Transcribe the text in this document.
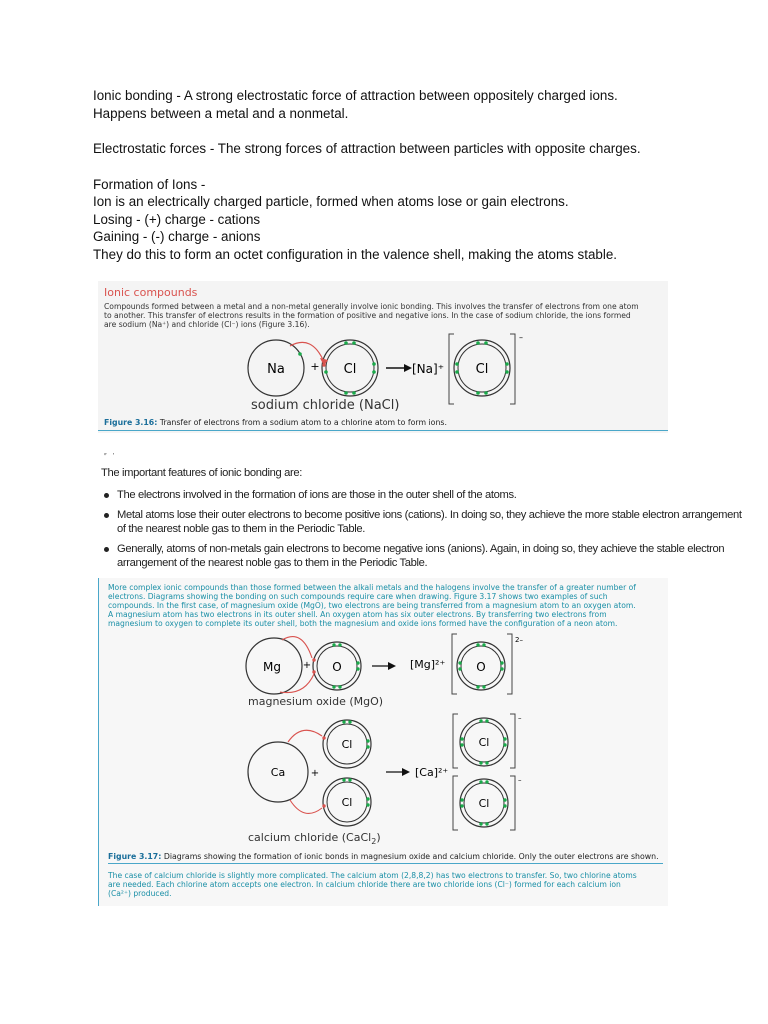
Ionic bonding - A strong electrostatic force of attraction between oppositely charged ions.

Happens between a metal and a nonmetal.

Electrostatic forces - The strong forces of attraction between particles with opposite charges.

Formation of Ions -

Ion is an electrically charged particle, formed when atoms lose or gain electrons.

Losing - (+) charge - cations

Gaining - (-) charge - anions

They do this to form an octet configuration in the valence shell, making the atoms stable.

Ionic compounds
Compounds formed between a metal and a non-metal generally involve ionic bonding. This involves the transfer of electrons from one atom
to another. This transfer of electrons results in the formation of positive and negative ions. In the case of sodium chloride, the ions formed
are sodium (Na⁺) and chloride (Cl⁻) ions (Figure 3.16).
Na + Cl	[Na]⁺ Cl
–
sodium chloride (NaCl)
Figure 3.16: Transfer of electrons from a sodium atom to a chlorine atom to form ions.
′′    ’
The important features of ionic bonding are:
The electrons involved in the formation of ions are those in the outer shell of the atoms.
Metal atoms lose their outer electrons to become positive ions (cations). In doing so, they achieve the more stable electron arrangement
of the nearest noble gas to them in the Periodic Table.
Generally, atoms of non-metals gain electrons to become negative ions (anions). Again, in doing so, they achieve the stable electron
arrangement of the nearest noble gas to them in the Periodic Table.
More complex ionic compounds than those formed between the alkali metals and the halogens involve the transfer of a greater number of
electrons. Diagrams showing the bonding on such compounds require care when drawing. Figure 3.17 shows two examples of such
compounds. In the first case, of magnesium oxide (MgO), two electrons are being transferred from a magnesium atom to an oxygen atom.
A magnesium atom has two electrons in its outer shell. An oxygen atom has six outer electrons. By transferring two electrons from
magnesium to oxygen to complete its outer shell, both the magnesium and oxide ions formed have the configuration of a neon atom.
Mg + O	[Mg]²⁺	O
2–
magnesium oxide (MgO)
Ca	+
Cl
Cl
[Ca]²⁺
Cl
–
Cl
–
calcium chloride (CaCl$_2$)
Figure 3.17: Diagrams showing the formation of ionic bonds in magnesium oxide and calcium chloride. Only the outer electrons are shown.
The case of calcium chloride is slightly more complicated. The calcium atom (2,8,8,2) has two electrons to transfer. So, two chlorine atoms
are needed. Each chlorine atom accepts one electron. In calcium chloride there are two chloride ions (Cl⁻) formed for each calcium ion
(Ca²⁺) produced.
